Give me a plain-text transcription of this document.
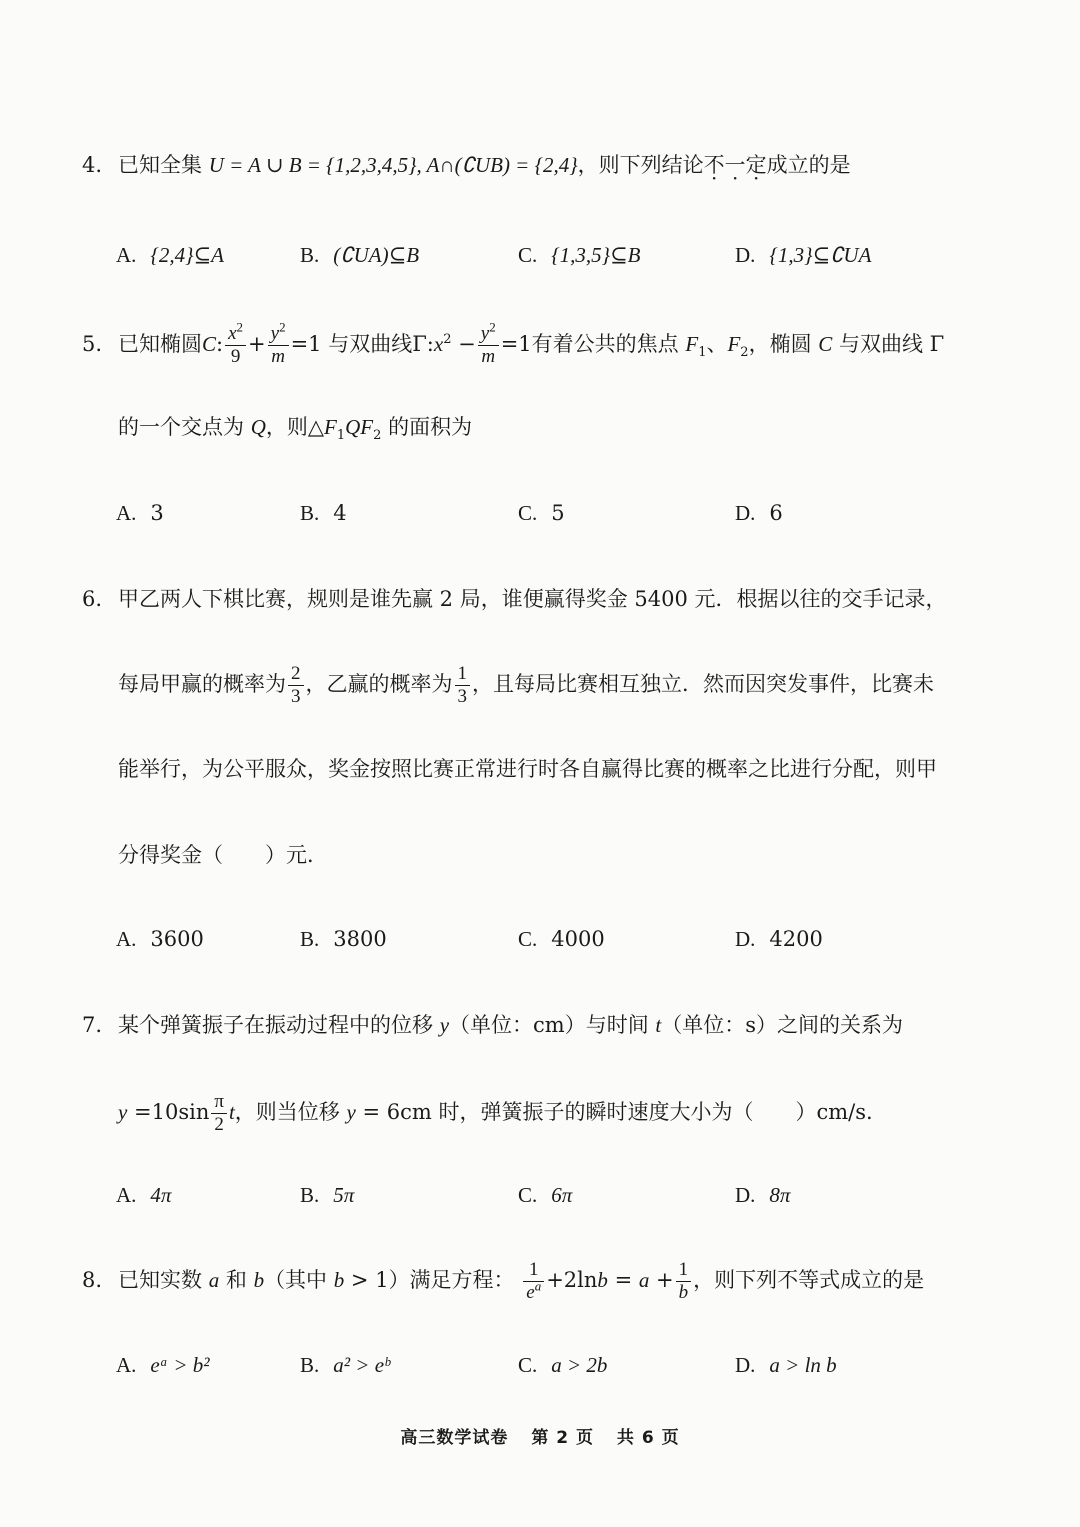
4. 已知全集 U = A ∪ B = {1,2,3,4,5}, A∩(∁UB) = {2,4}，则下列结论不一定成立的是
A. {2,4}⊆A	B. (∁UA)⊆B	C. {1,3,5}⊆B	D. {1,3}⊆∁UA
5. 已知椭圆C: $\frac{x^2}{9} + \frac{y^2}{m} =1$ 与双曲线$\Gamma:x^2 - \frac{y^2}{m} =1$有着公共的焦点 $F_1$、$F_2$，椭圆 C 与双曲线 Γ
的一个交点为 Q，则$\triangle F_1QF_2$ 的面积为
A. 3	B. 4	C. 5	D. 6
6. 甲乙两人下棋比赛，规则是谁先赢 2 局，谁便赢得奖金 5400 元．根据以往的交手记录，
每局甲赢的概率为 $\frac{2}{3}$ ，乙赢的概率为 $\frac{1}{3}$ ，且每局比赛相互独立．然而因突发事件，比赛未
能举行，为公平服众，奖金按照比赛正常进行时各自赢得比赛的概率之比进行分配，则甲
分得奖金（　　）元．
A. 3600	B. 3800	C. 4000	D. 4200
7. 某个弹簧振子在振动过程中的位移 y（单位：cm）与时间 t（单位：s）之间的关系为
$y =10\sin \frac{\pi}{2}$ t，则当位移 y = 6cm 时，弹簧振子的瞬时速度大小为（　　）cm/s.
A. 4π	B. 5π	C. 6π	D. 8π
8. 已知实数 a 和 b（其中 b > 1）满足方程： $\frac{1}{e^a} +2\ln b = a + \frac{1}{b}$ ，则下列不等式成立的是
A. eᵃ > b²	B. a² > eᵇ	C. a > 2b	D. a > ln b
高三数学试卷 第 2 页 共 6 页
